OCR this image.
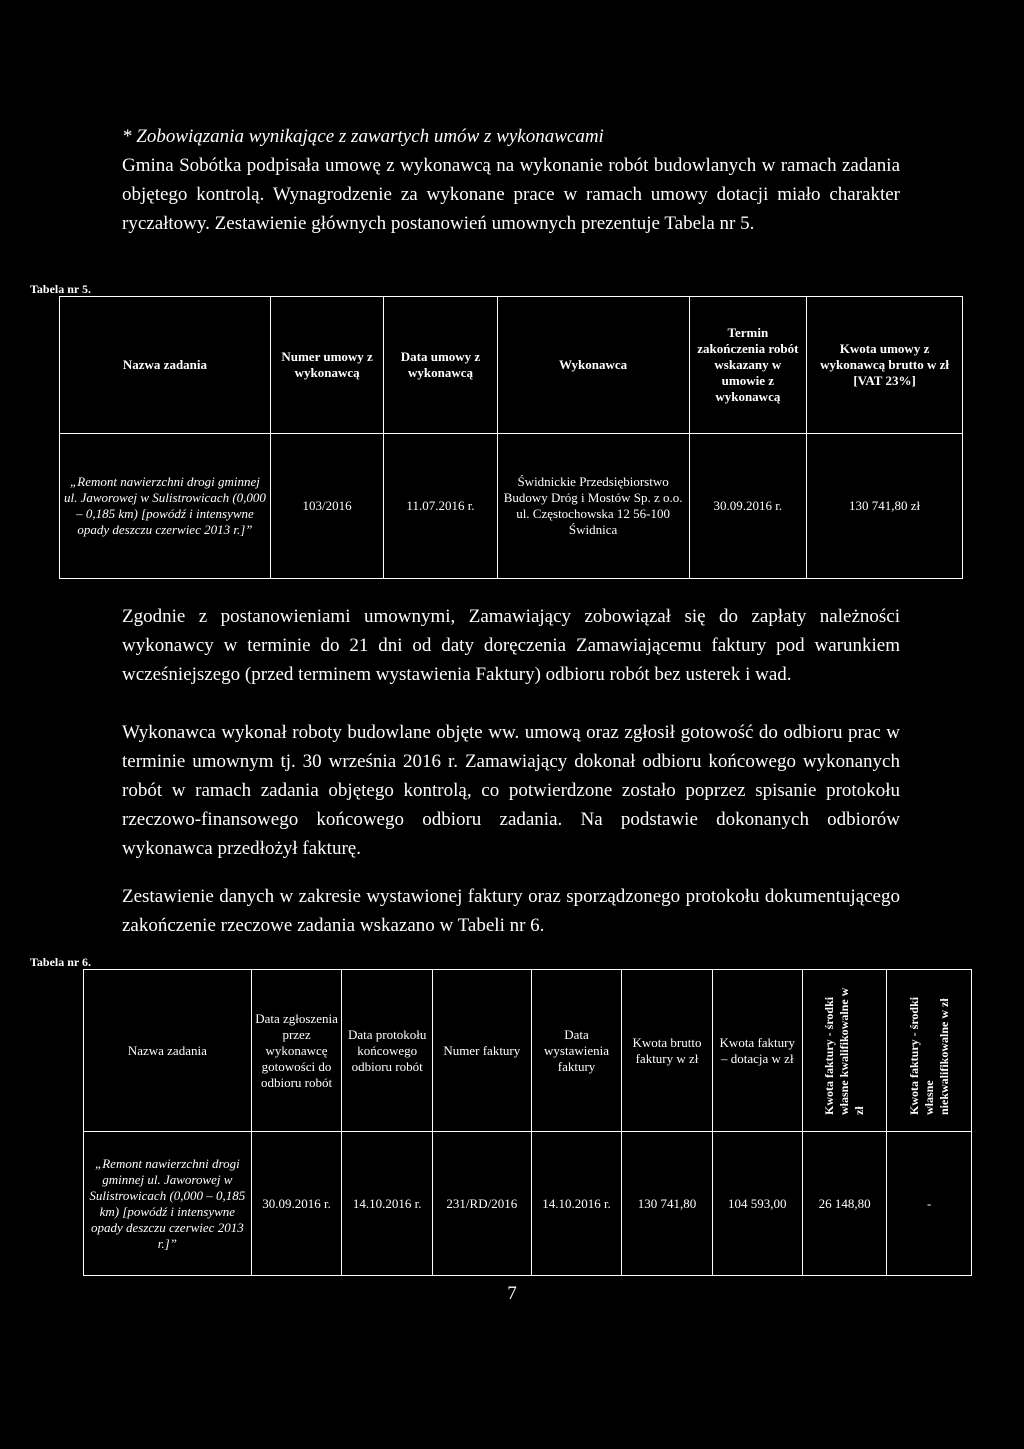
* Zobowiązania wynikające z zawartych umów z wykonawcami
Gmina Sobótka podpisała umowę z wykonawcą na wykonanie robót budowlanych w ramach zadania objętego kontrolą. Wynagrodzenie za wykonane prace w ramach umowy dotacji miało charakter ryczałtowy. Zestawienie głównych postanowień umownych prezentuje Tabela nr 5.
Tabela nr 5.
Nazwa zadania	Numer umowy z wykonawcą	Data umowy z wykonawcą	Wykonawca	Termin zakończenia robót wskazany w umowie z wykonawcą	Kwota umowy z wykonawcą brutto w zł [VAT 23%]
„Remont nawierzchni drogi gminnej ul. Jaworowej w Sulistrowicach (0,000 – 0,185 km) [powódź i intensywne opady deszczu czerwiec 2013 r.]”	103/2016	11.07.2016 r.	Świdnickie Przedsiębiorstwo Budowy Dróg i Mostów Sp. z o.o. ul. Częstochowska 12 56-100 Świdnica	30.09.2016 r.	130 741,80 zł
Zgodnie z postanowieniami umownymi, Zamawiający zobowiązał się do zapłaty należności wykonawcy w terminie do 21 dni od daty doręczenia Zamawiającemu faktury pod warunkiem wcześniejszego (przed terminem wystawienia Faktury) odbioru robót bez usterek i wad.
Wykonawca wykonał roboty budowlane objęte ww. umową oraz zgłosił gotowość do odbioru prac w terminie umownym tj. 30 września 2016 r. Zamawiający dokonał odbioru końcowego wykonanych robót w ramach zadania objętego kontrolą, co potwierdzone zostało poprzez spisanie protokołu rzeczowo-finansowego końcowego odbioru zadania. Na podstawie dokonanych odbiorów wykonawca przedłożył fakturę.
Zestawienie danych w zakresie wystawionej faktury oraz sporządzonego protokołu dokumentującego zakończenie rzeczowe zadania wskazano w Tabeli nr 6.
Tabela nr 6.
Nazwa zadania	Data zgłoszenia przez wykonawcę gotowości do odbioru robót	Data protokołu końcowego odbioru robót	Numer faktury	Data wystawienia faktury	Kwota brutto faktury w zł	Kwota faktury – dotacja w zł	Kwota faktury - środki własne kwalifikowalne w zł	Kwota faktury - środki własne niekwalifikowalne w zł

„Remont nawierzchni drogi gminnej ul. Jaworowej w Sulistrowicach (0,000 – 0,185 km) [powódź i intensywne opady deszczu czerwiec 2013 r.]”	30.09.2016 r.	14.10.2016 r.	231/RD/2016	14.10.2016 r.	130 741,80	104 593,00	26 148,80	-
7
